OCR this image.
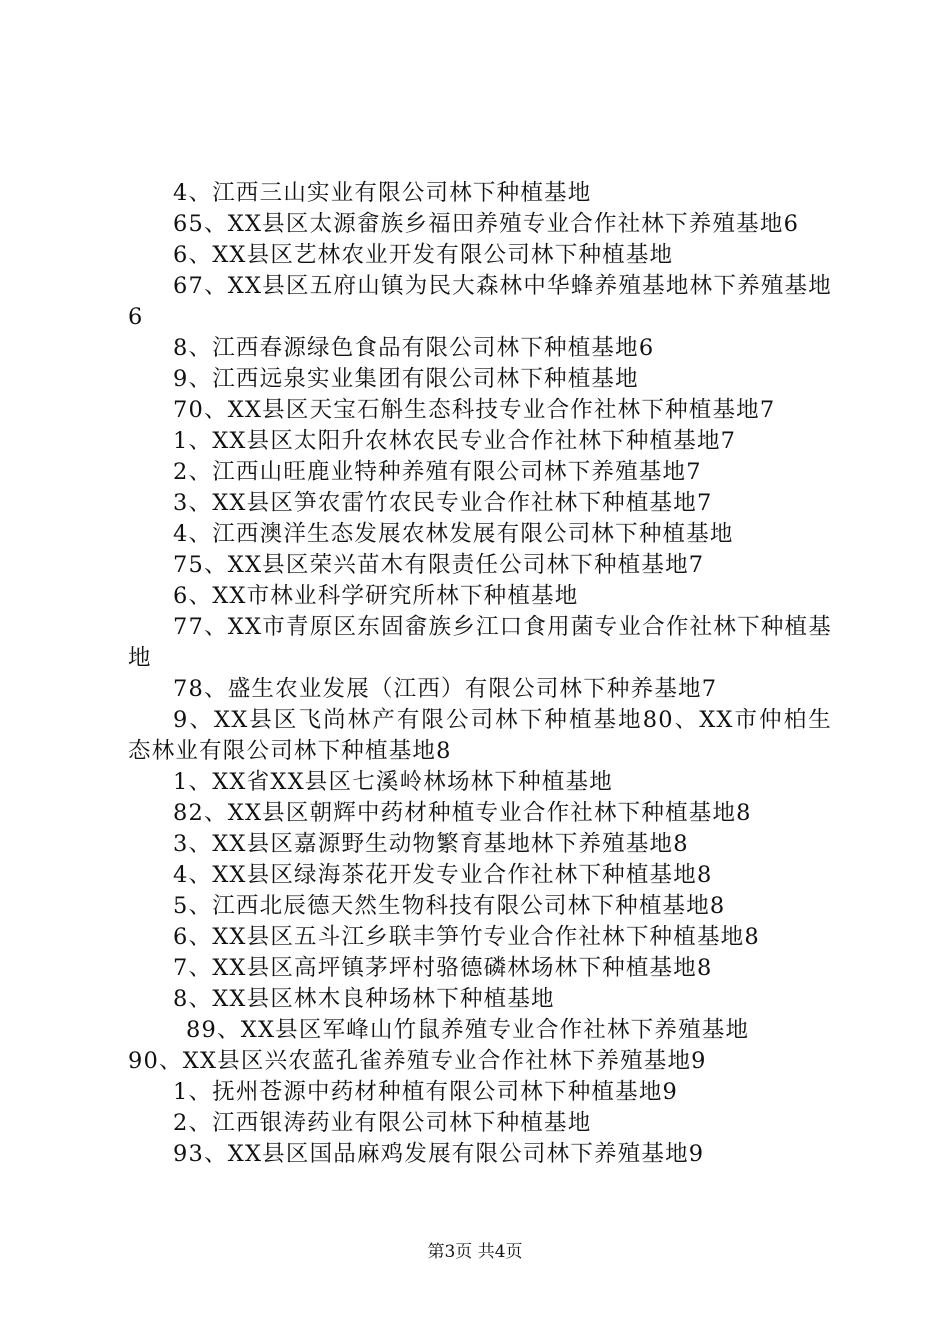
4、江西三山实业有限公司林下种植基地

65、XX县区太源畲族乡福田养殖专业合作社林下养殖基地6

6、XX县区艺林农业开发有限公司林下种植基地

67、XX县区五府山镇为民大森林中华蜂养殖基地林下养殖基地6

8、江西春源绿色食品有限公司林下种植基地6

9、江西远泉实业集团有限公司林下种植基地

70、XX县区天宝石斛生态科技专业合作社林下种植基地7

1、XX县区太阳升农林农民专业合作社林下种植基地7

2、江西山旺鹿业特种养殖有限公司林下养殖基地7

3、XX县区笋农雷竹农民专业合作社林下种植基地7

4、江西澳洋生态发展农林发展有限公司林下种植基地

75、XX县区荣兴苗木有限责任公司林下种植基地7

6、XX市林业科学研究所林下种植基地

77、XX市青原区东固畲族乡江口食用菌专业合作社林下种植基地

78、盛生农业发展（江西）有限公司林下种养基地7

9、XX县区飞尚林产有限公司林下种植基地80、XX市仲柏生态林业有限公司林下种植基地8

1、XX省XX县区七溪岭林场林下种植基地

82、XX县区朝辉中药材种植专业合作社林下种植基地8

3、XX县区嘉源野生动物繁育基地林下养殖基地8

4、XX县区绿海茶花开发专业合作社林下种植基地8

5、江西北辰德天然生物科技有限公司林下种植基地8

6、XX县区五斗江乡联丰笋竹专业合作社林下种植基地8

7、XX县区高坪镇茅坪村骆德磷林场林下种植基地8

8、XX县区林木良种场林下种植基地

89、XX县区军峰山竹鼠养殖专业合作社林下养殖基地

90、XX县区兴农蓝孔雀养殖专业合作社林下养殖基地9

1、抚州苍源中药材种植有限公司林下种植基地9

2、江西银涛药业有限公司林下种植基地

93、XX县区国品麻鸡发展有限公司林下养殖基地9

第3页 共4页
